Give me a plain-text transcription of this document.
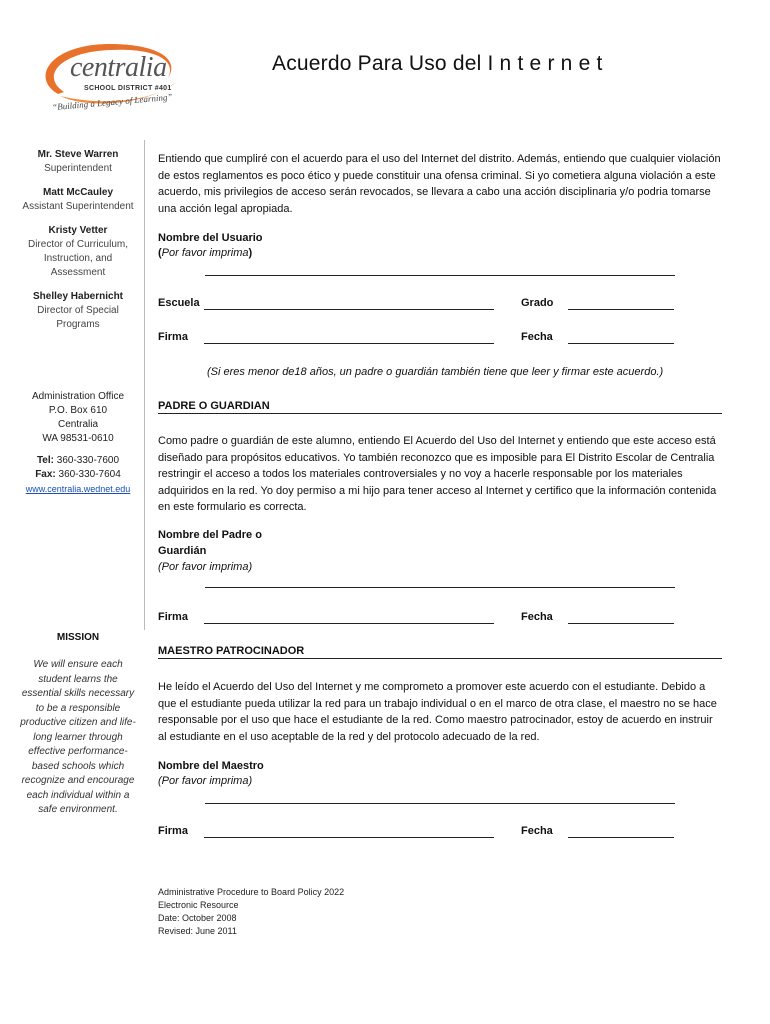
centralia
SCHOOL DISTRICT #401
“Building a Legacy of Learning”
Acuerdo Para Uso del I n t e r n e t
Mr. Steve Warren
Superintendent
Matt McCauley
Assistant Superintendent
Kristy Vetter
Director of Curriculum, Instruction, and Assessment
Shelley Habernicht
Director of Special Programs
Administration Office
P.O. Box 610
Centralia
WA 98531-0610
Tel: 360-330-7600
Fax: 360-330-7604
www.centralia.wednet.edu
MISSION
We will ensure each student learns the essential skills necessary to be a responsible productive citizen and life-long learner through effective performance-based schools which recognize and encourage each individual within a safe environment.
Entiendo que cumpliré con el acuerdo para el uso del Internet del distrito. Además, entiendo que cualquier violación de estos reglamentos es poco ético y puede constituir una ofensa criminal. Si yo cometiera alguna violación a este acuerdo, mis privilegios de acceso serán revocados, se llevara a cabo una acción disciplinaria y/o podria tomarse una acción legal apropiada.
Nombre del Usuario
(Por favor imprima)
Escuela	Grado
Firma	Fecha
(Si eres menor de18 años, un padre o guardián también tiene que leer y firmar este acuerdo.)
PADRE O GUARDIAN
Como padre o guardián de este alumno, entiendo El Acuerdo del Uso del Internet y entiendo que este acceso está diseñado para propósitos educativos. Yo también reconozco que es imposible para El Distrito Escolar de Centralia restringir el acceso a todos los materiales controversiales y no voy a hacerle responsable por los materiales adquiridos en la red. Yo doy permiso a mi hijo para tener acceso al Internet y certifico que la información contenida en este formulario es correcta.
Nombre del Padre o
Guardián
(Por favor imprima)
Firma	Fecha
MAESTRO PATROCINADOR
He leído el Acuerdo del Uso del Internet y me comprometo a promover este acuerdo con el estudiante. Debido a que el estudiante pueda utilizar la red para un trabajo individual o en el marco de otra clase, el maestro no se hace responsable por el uso que hace el estudiante de la red. Como maestro patrocinador, estoy de acuerdo en instruir al estudiante en el uso aceptable de la red y del protocolo adecuado de la red.
Nombre del Maestro
(Por favor imprima)
Firma	Fecha
Administrative Procedure to Board Policy 2022
Electronic Resource
Date: October 2008
Revised: June 2011
